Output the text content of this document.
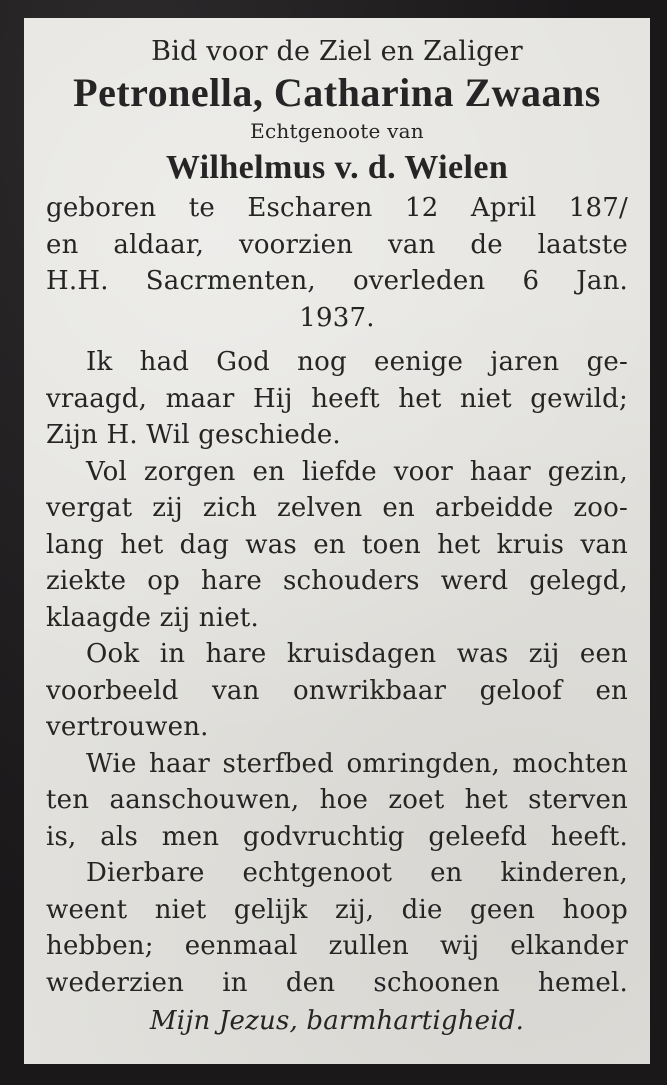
Bid voor de Ziel en Zaliger
Petronella, Catharina Zwaans
Echtgenoote van
Wilhelmus v. d. Wielen
geboren te Escharen 12 April 187/
en aldaar, voorzien van de laatste
H.H. Sacrmenten, overleden 6 Jan.
1937.
Ik had God nog eenige jaren ge-
vraagd, maar Hij heeft het niet gewild;
Zijn H. Wil geschiede.
Vol zorgen en liefde voor haar gezin,
vergat zij zich zelven en arbeidde zoo-
lang het dag was en toen het kruis van
ziekte op hare schouders werd gelegd,
klaagde zij niet.
Ook in hare kruisdagen was zij een
voorbeeld van onwrikbaar geloof en
vertrouwen.
Wie haar sterfbed omringden, mochten
ten aanschouwen, hoe zoet het sterven
is, als men godvruchtig geleefd heeft.
Dierbare echtgenoot en kinderen,
weent niet gelijk zij, die geen hoop
hebben; eenmaal zullen wij elkander
wederzien in den schoonen hemel.
Mijn Jezus, barmhartigheid.
